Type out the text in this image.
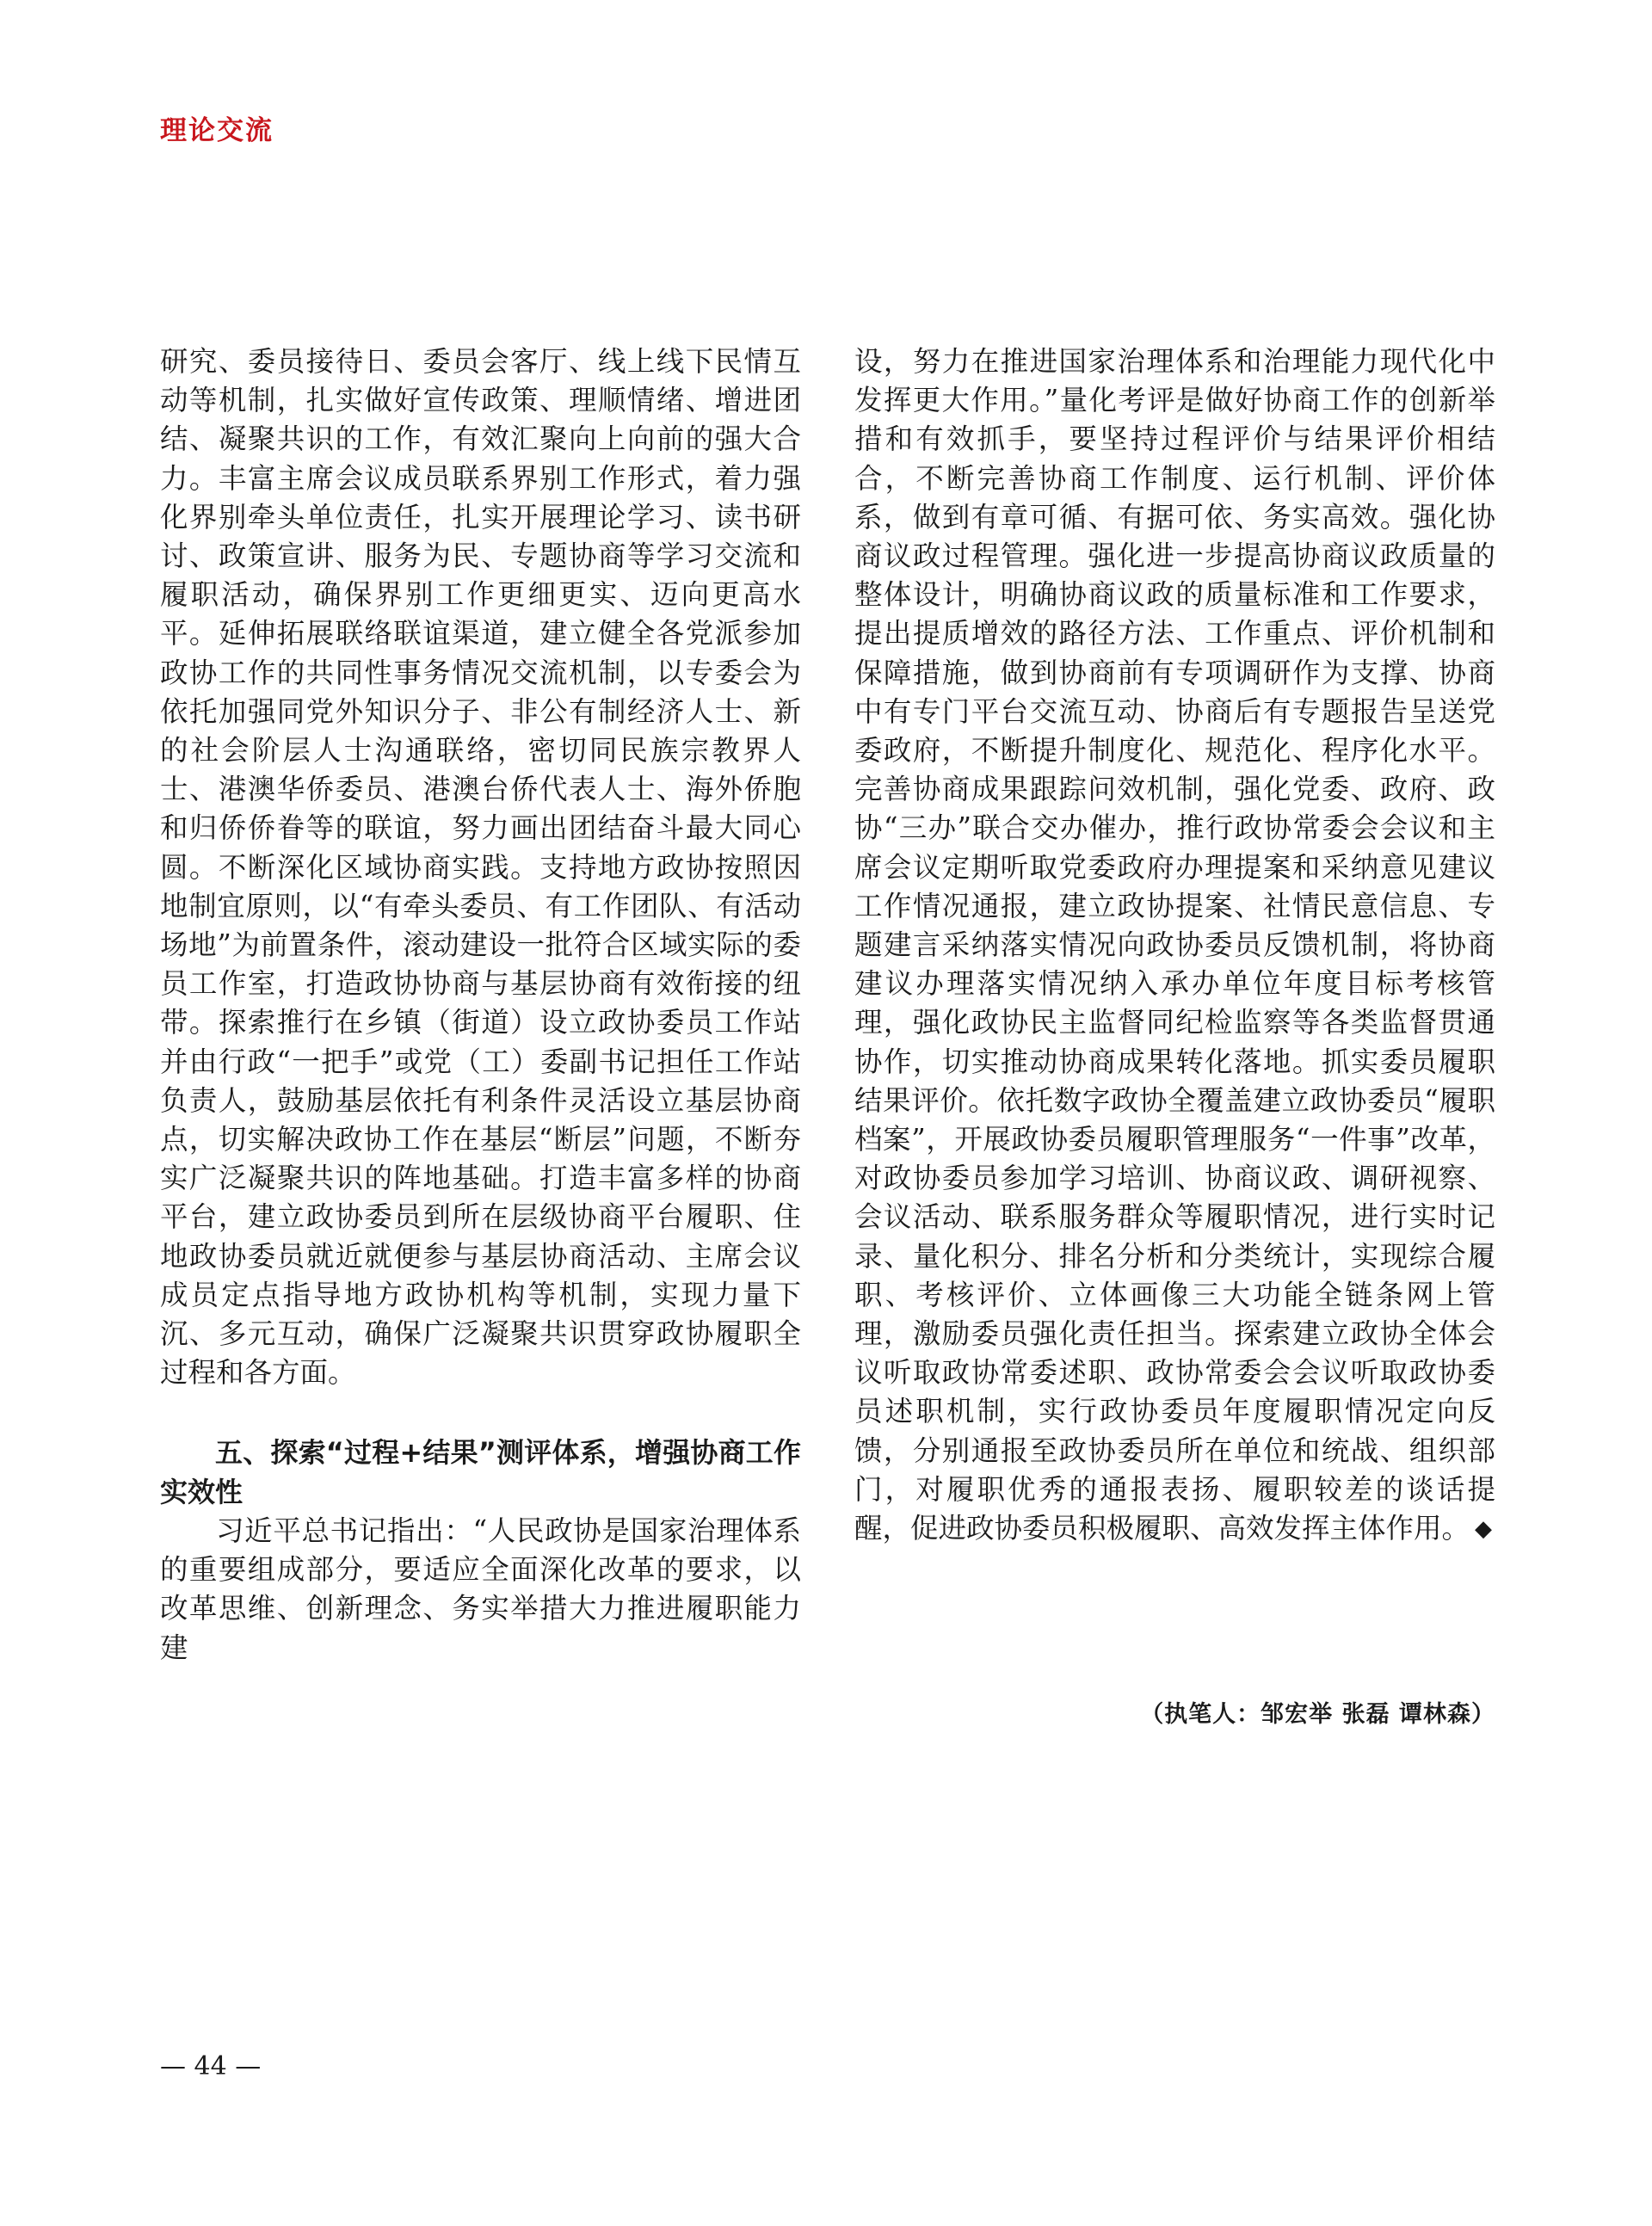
理论交流

研究、委员接待日、委员会客厅、线上线下民情互动等机制，扎实做好宣传政策、理顺情绪、增进团结、凝聚共识的工作，有效汇聚向上向前的强大合力。丰富主席会议成员联系界别工作形式，着力强化界别牵头单位责任，扎实开展理论学习、读书研讨、政策宣讲、服务为民、专题协商等学习交流和履职活动，确保界别工作更细更实、迈向更高水平。延伸拓展联络联谊渠道，建立健全各党派参加政协工作的共同性事务情况交流机制，以专委会为依托加强同党外知识分子、非公有制经济人士、新的社会阶层人士沟通联络，密切同民族宗教界人士、港澳华侨委员、港澳台侨代表人士、海外侨胞和归侨侨眷等的联谊，努力画出团结奋斗最大同心圆。不断深化区域协商实践。支持地方政协按照因地制宜原则，以“有牵头委员、有工作团队、有活动场地”为前置条件，滚动建设一批符合区域实际的委员工作室，打造政协协商与基层协商有效衔接的纽带。探索推行在乡镇（街道）设立政协委员工作站并由行政“一把手”或党（工）委副书记担任工作站负责人，鼓励基层依托有利条件灵活设立基层协商点，切实解决政协工作在基层“断层”问题，不断夯实广泛凝聚共识的阵地基础。打造丰富多样的协商平台，建立政协委员到所在层级协商平台履职、住地政协委员就近就便参与基层协商活动、主席会议成员定点指导地方政协机构等机制，实现力量下沉、多元互动，确保广泛凝聚共识贯穿政协履职全过程和各方面。

五、探索“过程+结果”测评体系，增强协商工作实效性

习近平总书记指出：“人民政协是国家治理体系的重要组成部分，要适应全面深化改革的要求，以改革思维、创新理念、务实举措大力推进履职能力建

设，努力在推进国家治理体系和治理能力现代化中发挥更大作用。”量化考评是做好协商工作的创新举措和有效抓手，要坚持过程评价与结果评价相结合，不断完善协商工作制度、运行机制、评价体系，做到有章可循、有据可依、务实高效。强化协商议政过程管理。强化进一步提高协商议政质量的整体设计，明确协商议政的质量标准和工作要求，提出提质增效的路径方法、工作重点、评价机制和保障措施，做到协商前有专项调研作为支撑、协商中有专门平台交流互动、协商后有专题报告呈送党委政府，不断提升制度化、规范化、程序化水平。完善协商成果跟踪问效机制，强化党委、政府、政协“三办”联合交办催办，推行政协常委会会议和主席会议定期听取党委政府办理提案和采纳意见建议工作情况通报，建立政协提案、社情民意信息、专题建言采纳落实情况向政协委员反馈机制，将协商建议办理落实情况纳入承办单位年度目标考核管理，强化政协民主监督同纪检监察等各类监督贯通协作，切实推动协商成果转化落地。抓实委员履职结果评价。依托数字政协全覆盖建立政协委员“履职档案”，开展政协委员履职管理服务“一件事”改革，对政协委员参加学习培训、协商议政、调研视察、会议活动、联系服务群众等履职情况，进行实时记录、量化积分、排名分析和分类统计，实现综合履职、考核评价、立体画像三大功能全链条网上管理，激励委员强化责任担当。探索建立政协全体会议听取政协常委述职、政协常委会会议听取政协委员述职机制，实行政协委员年度履职情况定向反馈，分别通报至政协委员所在单位和统战、组织部门，对履职优秀的通报表扬、履职较差的谈话提醒，促进政协委员积极履职、高效发挥主体作用。 ◆

（执笔人：邹宏举 张磊 谭林森）
— 44 —
